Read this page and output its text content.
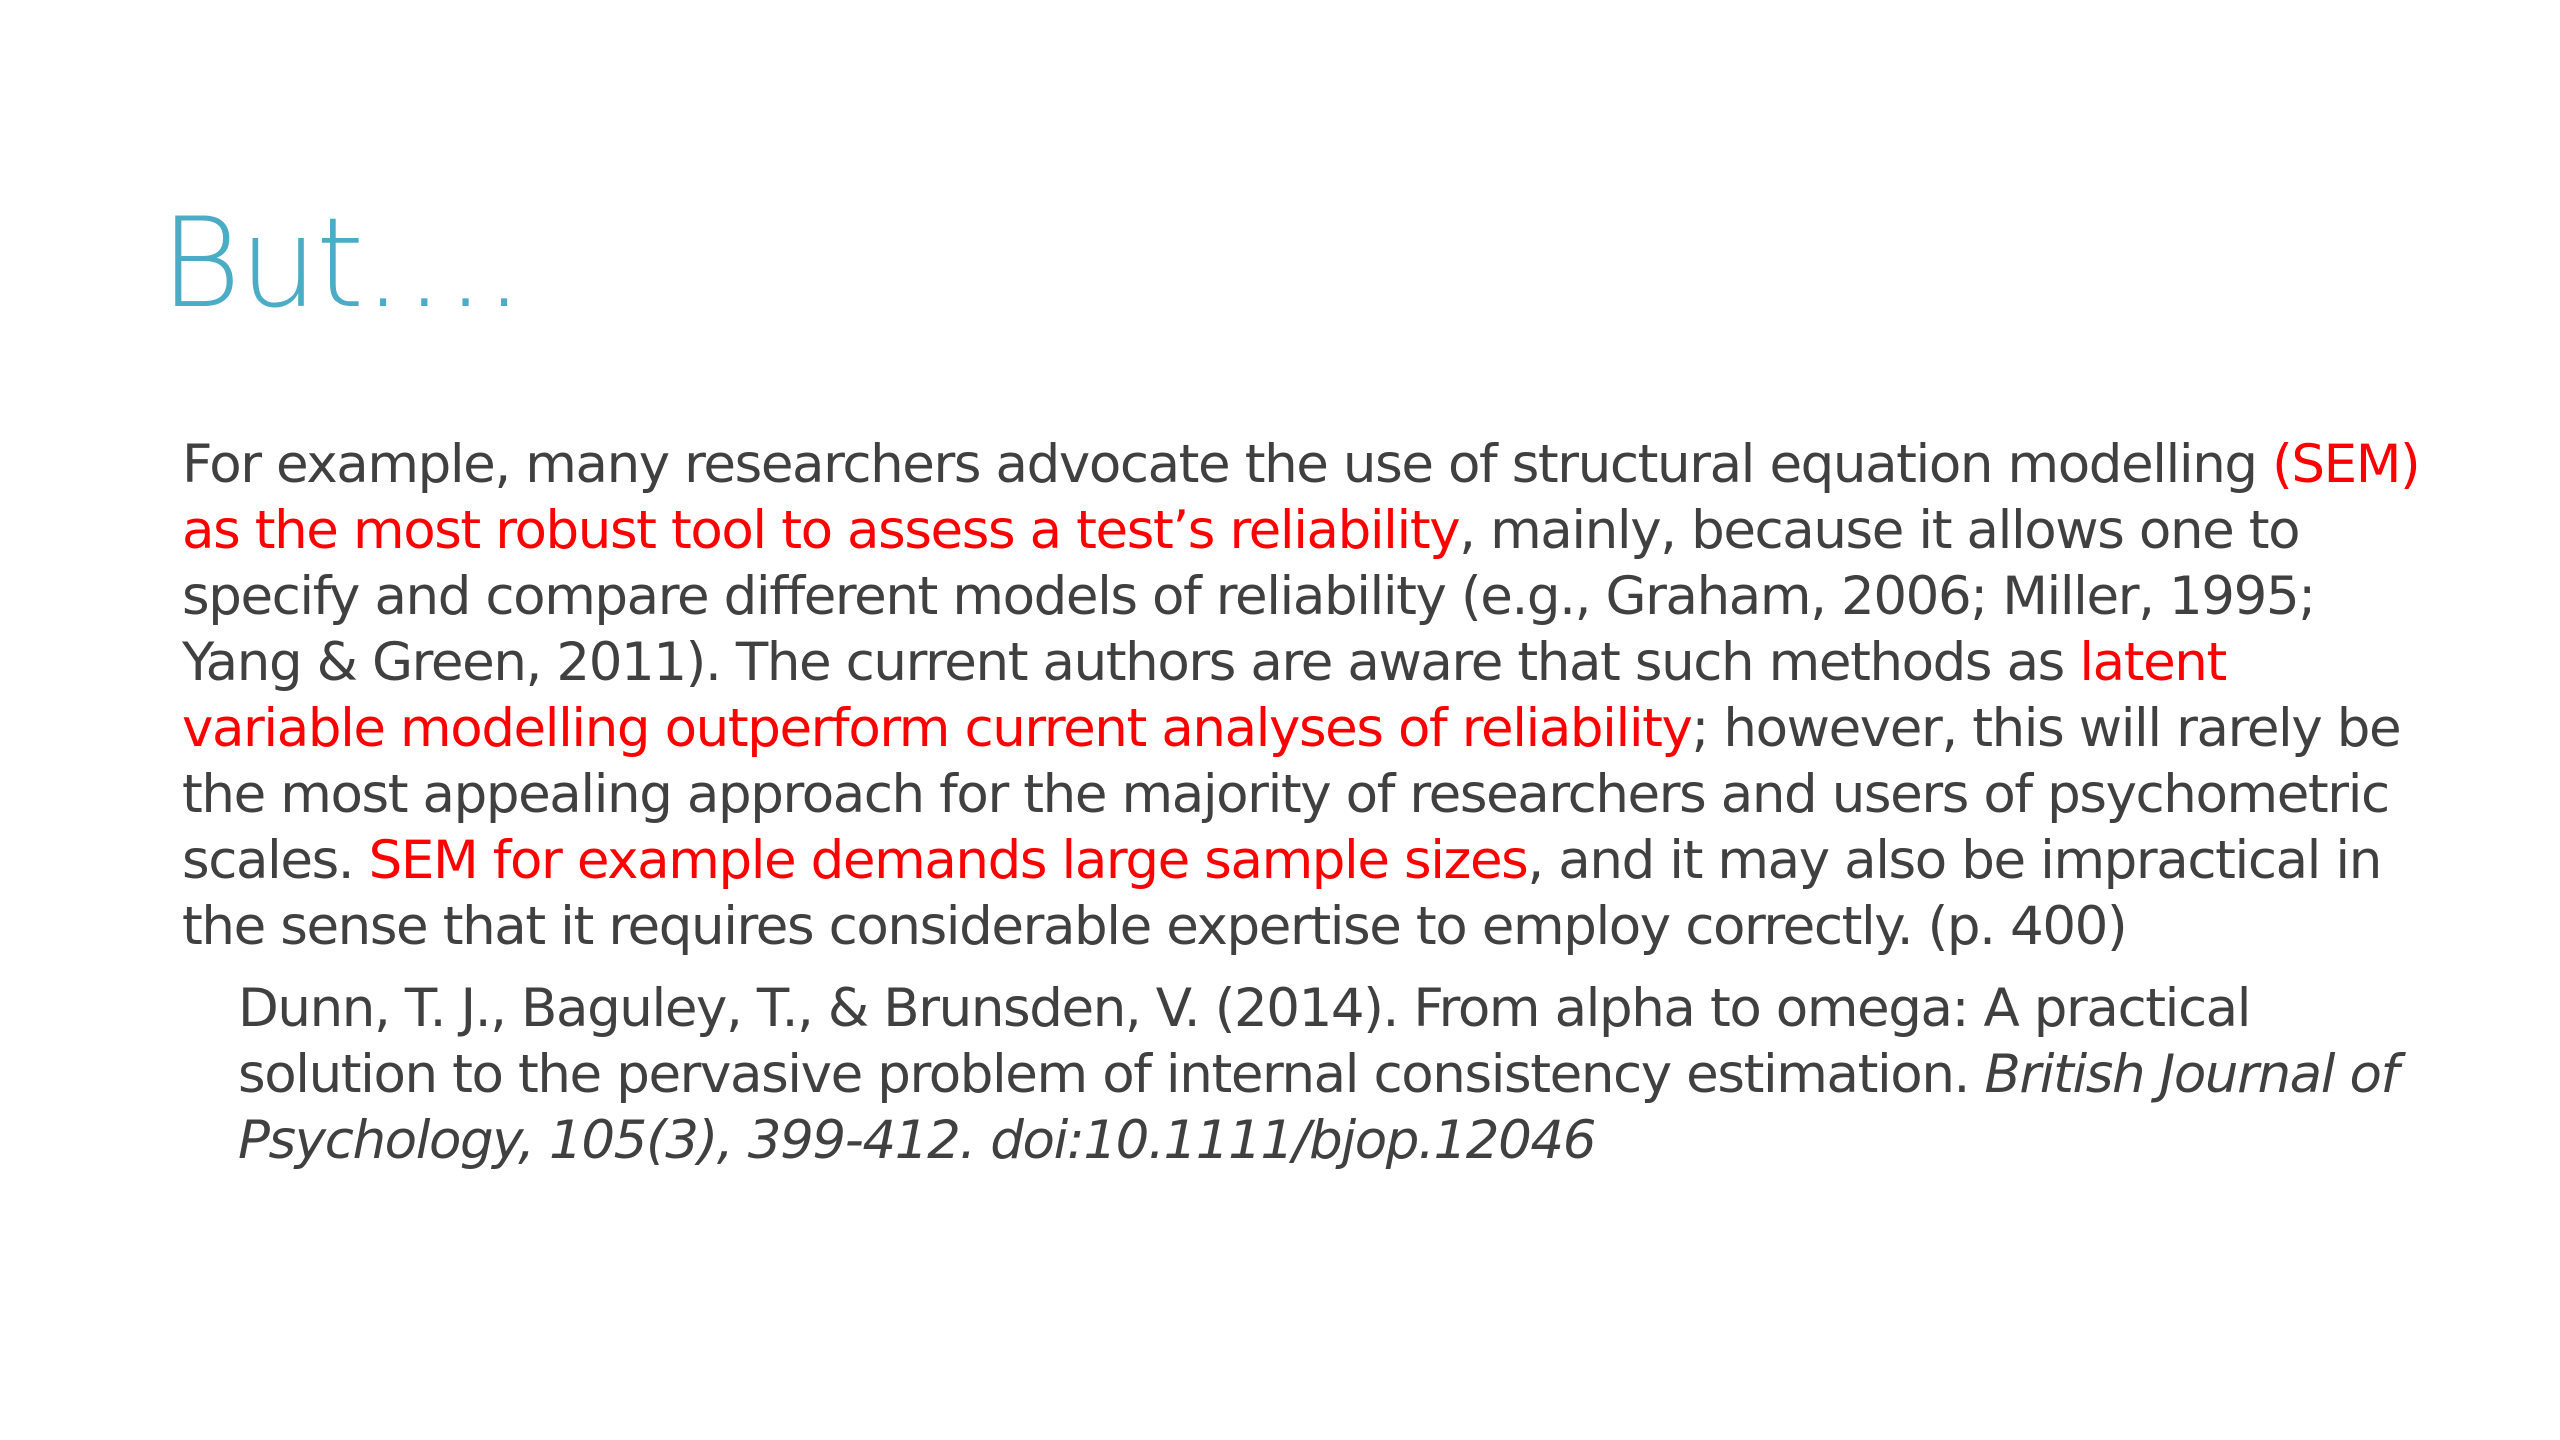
But….

For example, many researchers advocate the use of structural equation modelling (SEM) as the most robust tool to assess a test’s reliability, mainly, because it allows one to specify and compare different models of reliability (e.g., Graham, 2006; Miller, 1995; Yang & Green, 2011). The current authors are aware that such methods as latent variable modelling outperform current analyses of reliability; however, this will rarely be the most appealing approach for the majority of researchers and users of psychometric scales. SEM for example demands large sample sizes, and it may also be impractical in the sense that it requires considerable expertise to employ correctly. (p. 400)

Dunn, T. J., Baguley, T., & Brunsden, V. (2014). From alpha to omega: A practical solution to the pervasive problem of internal consistency estimation. British Journal of Psychology, 105(3), 399-412. doi:10.1111/bjop.12046
